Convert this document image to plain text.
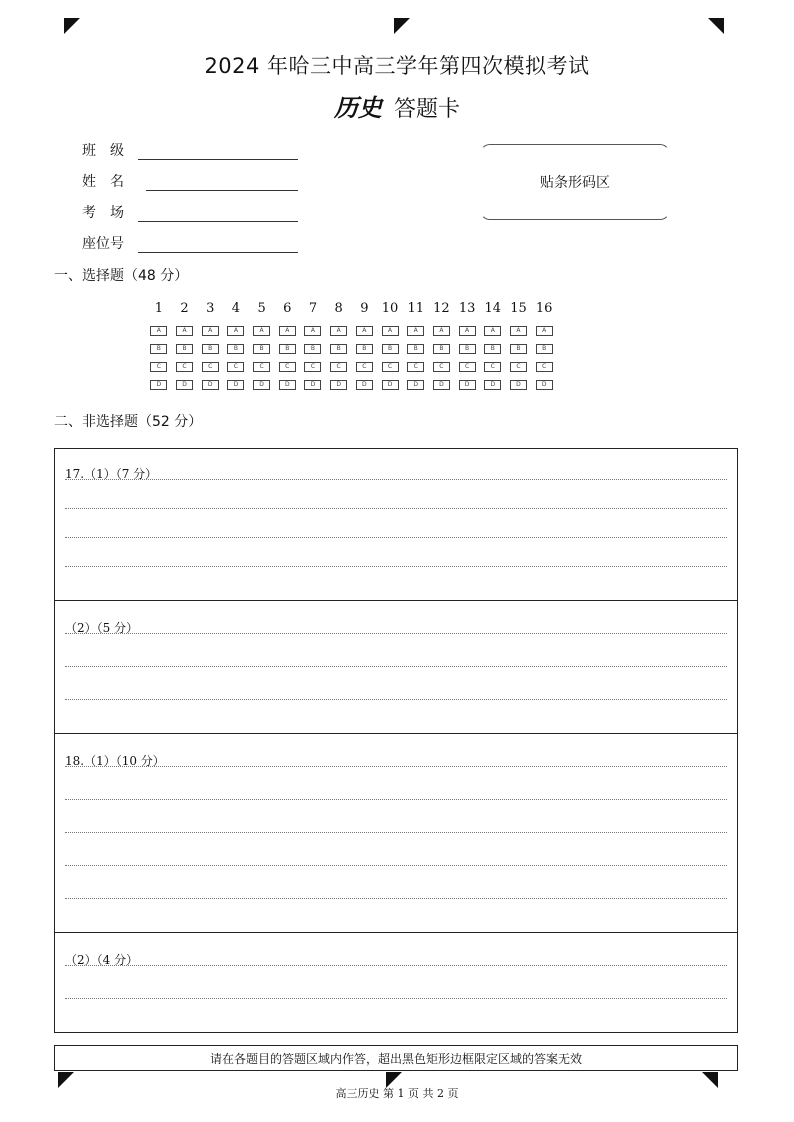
2024 年哈三中高三学年第四次模拟考试
历史 答题卡
班　级
姓　名
考　场
座位号
贴条形码区
一、选择题（48 分）
1	2	3	4	5	6	7	8	9	10 11 12 13 14 15 16
A	A	A	A	A	A	A	A	A	A	A	A	A	A	A	A
B	B	B	B	B	B	B	B	B	B	B	B	B	B	B	B
C	C	C	C	C	C	C	C	C	C	C	C	C	C	C	C
D	D	D	D	D	D	D	D	D	D	D	D	D	D	D	D
二、非选择题（52 分）
17.（1）（7 分）
（2）（5 分）
18.（1）（10 分）
（2）（4 分）
请在各题目的答题区域内作答，超出黑色矩形边框限定区域的答案无效
高三历史 第 1 页 共 2 页
